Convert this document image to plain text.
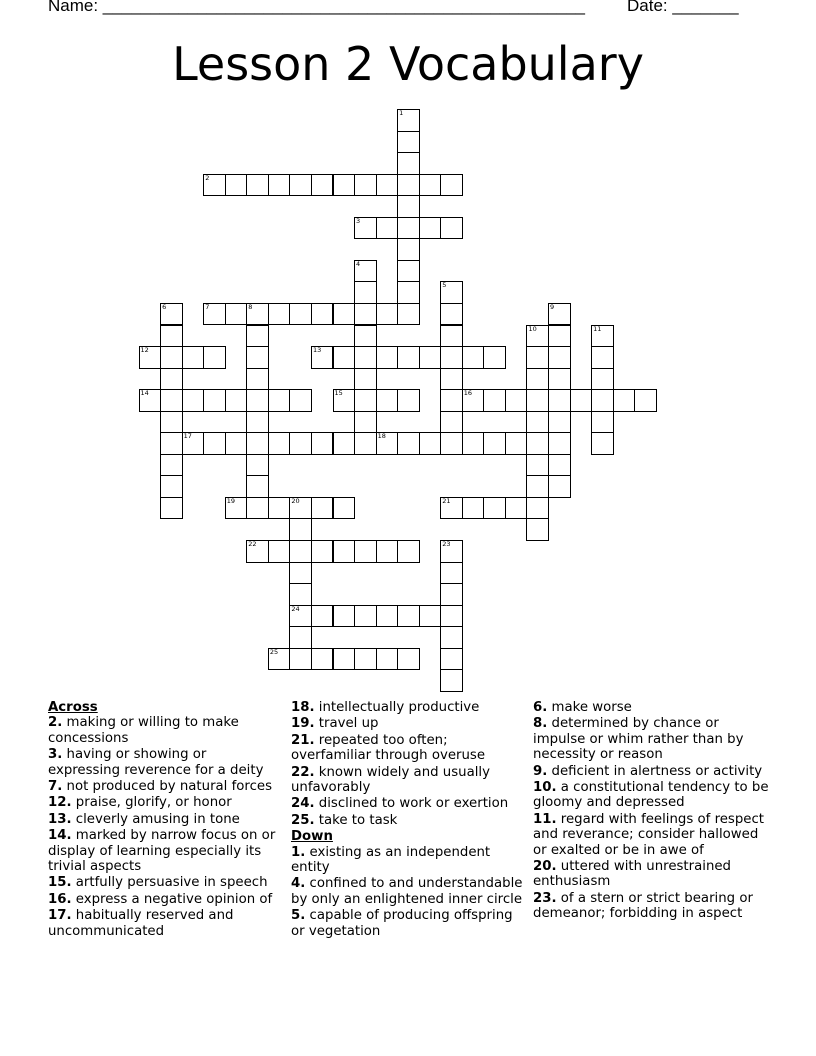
Name: ___________________________________________________ Date: _______
Lesson 2 Vocabulary
1
2
3
4
5
6	7	8	9
10	11
12	13
14	15	16
17	18
19	20
24
21
22	23
25
Across
2. making or willing to make concessions
3. having or showing or expressing reverence for a deity
7. not produced by natural forces
12. praise, glorify, or honor
13. cleverly amusing in tone
14. marked by narrow focus on or display of learning especially its trivial aspects
15. artfully persuasive in speech
16. express a negative opinion of
17. habitually reserved and uncommunicated
18. intellectually productive
19. travel up
21. repeated too often; overfamiliar through overuse
22. known widely and usually unfavorably
24. disclined to work or exertion
25. take to task
Down
1. existing as an independent entity
4. confined to and understandable by only an enlightened inner circle
5. capable of producing offspring or vegetation
6. make worse
8. determined by chance or impulse or whim rather than by necessity or reason
9. deficient in alertness or activity
10. a constitutional tendency to be gloomy and depressed
11. regard with feelings of respect and reverance; consider hallowed or exalted or be in awe of
20. uttered with unrestrained enthusiasm
23. of a stern or strict bearing or demeanor; forbidding in aspect
